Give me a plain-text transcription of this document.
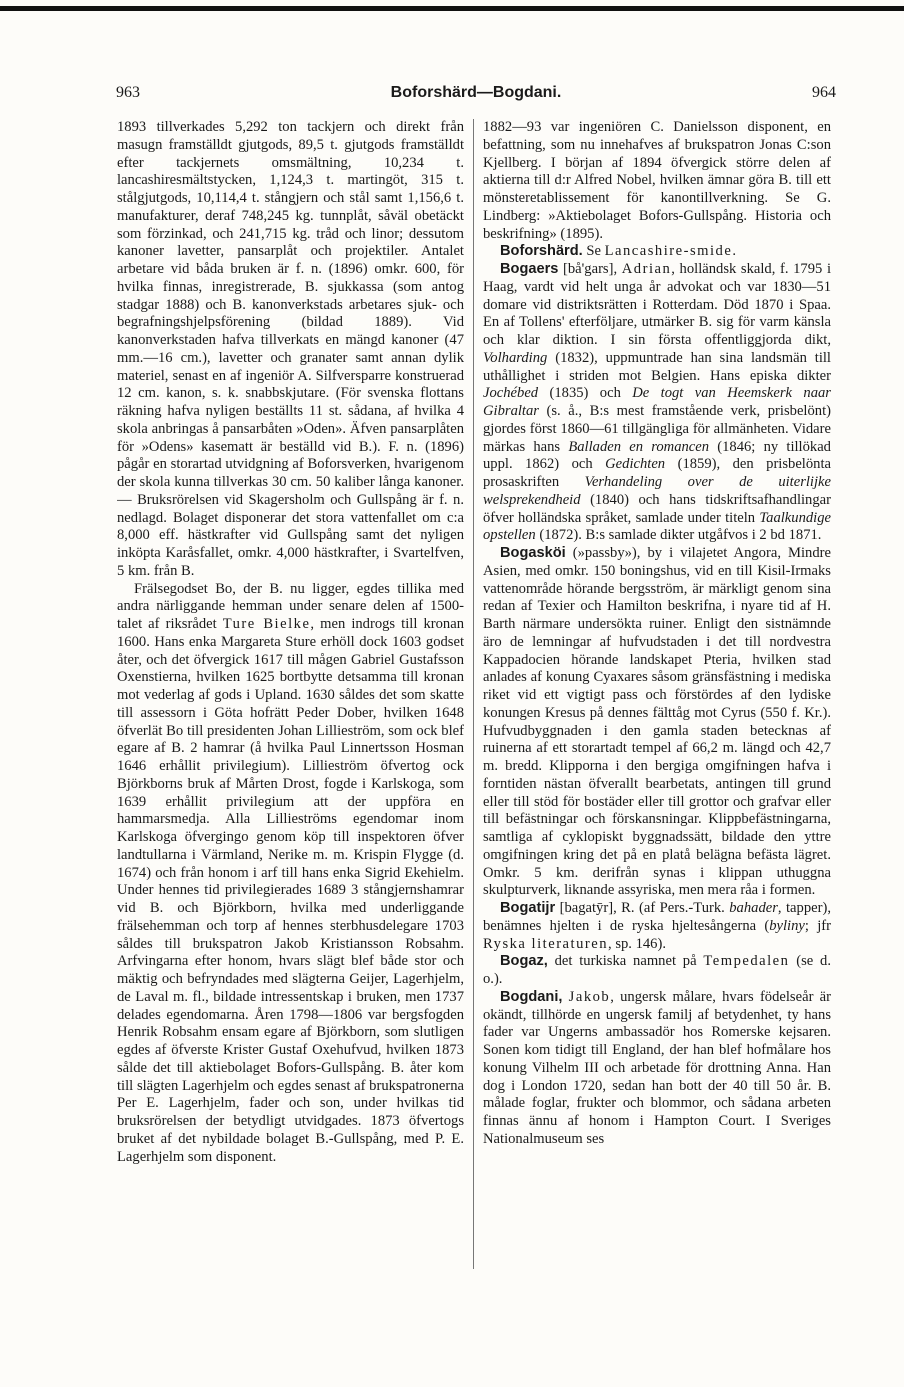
963	Boforshärd—Bogdani.	964

1893 tillverkades 5,292 ton tackjern och direkt från masugn framställdt gjutgods, 89,5 t. gjutgods framställdt efter tackjernets omsmältning, 10,234 t. lancashiresmältstycken, 1,124,3 t. martingöt, 315 t. stålgjutgods, 10,114,4 t. stångjern och stål samt 1,156,6 t. manufakturer, deraf 748,245 kg. tunnplåt, såväl obetäckt som förzinkad, och 241,715 kg. tråd och linor; dessutom kanoner lavetter, pansarplåt och projektiler. Antalet arbetare vid båda bruken är f. n. (1896) omkr. 600, för hvilka finnas, inregistrerade, B. sjukkassa (som antog stadgar 1888) och B. kanonverkstads arbetares sjuk- och begrafningshjelpsförening (bildad 1889). Vid kanonverkstaden hafva tillverkats en mängd kanoner (47 mm.—16 cm.), lavetter och granater samt annan dylik materiel, senast en af ingeniör A. Silfversparre konstruerad 12 cm. kanon, s. k. snabbskjutare. (För svenska flottans räkning hafva nyligen beställts 11 st. sådana, af hvilka 4 skola anbringas å pansarbåten »Oden». Äfven pansarplåten för »Odens» kasematt är beställd vid B.). F. n. (1896) pågår en storartad utvidgning af Boforsverken, hvarigenom der skola kunna tillverkas 30 cm. 50 kaliber långa kanoner. — Bruksrörelsen vid Skagersholm och Gullspång är f. n. nedlagd. Bolaget disponerar det stora vattenfallet om c:a 8,000 eff. hästkrafter vid Gullspång samt det nyligen inköpta Karåsfallet, omkr. 4,000 hästkrafter, i Svartelfven, 5 km. från B.

Frälsegodset Bo, der B. nu ligger, egdes tillika med andra närliggande hemman under senare delen af 1500-talet af riksrådet Ture Bielke, men indrogs till kronan 1600. Hans enka Margareta Sture erhöll dock 1603 godset åter, och det öfvergick 1617 till mågen Gabriel Gustafsson Oxenstierna, hvilken 1625 bortbytte detsamma till kronan mot vederlag af gods i Upland. 1630 såldes det som skatte till assessorn i Göta hofrätt Peder Dober, hvilken 1648 öfverlät Bo till presidenten Johan Lillieström, som ock blef egare af B. 2 hamrar (å hvilka Paul Linnertsson Hosman 1646 erhållit privilegium). Lillieström öfvertog ock Björkborns bruk af Mårten Drost, fogde i Karlskoga, som 1639 erhållit privilegium att der uppföra en hammarsmedja. Alla Lillieströms egendomar inom Karlskoga öfvergingo genom köp till inspektoren öfver landtullarna i Värmland, Nerike m. m. Krispin Flygge (d. 1674) och från honom i arf till hans enka Sigrid Ekehielm. Under hennes tid privilegierades 1689 3 stångjernshamrar vid B. och Björkborn, hvilka med underliggande frälsehemman och torp af hennes sterbhusdelegare 1703 såldes till brukspatron Jakob Kristiansson Robsahm. Arfvingarna efter honom, hvars slägt blef både stor och mäktig och befryndades med slägterna Geijer, Lagerhjelm, de Laval m. fl., bildade intressentskap i bruken, men 1737 delades egendomarna. Åren 1798—1806 var bergsfogden Henrik Robsahm ensam egare af Björkborn, som slutligen egdes af öfverste Krister Gustaf Oxehufvud, hvilken 1873 sålde det till aktiebolaget Bofors-Gullspång. B. åter kom till slägten Lagerhjelm och egdes senast af brukspatronerna Per E. Lagerhjelm, fader och son, under hvilkas tid bruksrörelsen der betydligt utvidgades. 1873 öfvertogs bruket af det nybildade bolaget B.-Gullspång, med P. E. Lagerhjelm som disponent.

1882—93 var ingeniören C. Danielsson disponent, en befattning, som nu innehafves af brukspatron Jonas C:son Kjellberg. I början af 1894 öfvergick större delen af aktierna till d:r Alfred Nobel, hvilken ämnar göra B. till ett mönsteretablissement för kanontillverkning. Se G. Lindberg: »Aktiebolaget Bofors-Gullspång. Historia och beskrifning» (1895).

Boforshärd. Se Lancashire-smide.

Bogaers [bå'gars], Adrian, holländsk skald, f. 1795 i Haag, vardt vid helt unga år advokat och var 1830—51 domare vid distriktsrätten i Rotterdam. Död 1870 i Spaa. En af Tollens' efterföljare, utmärker B. sig för varm känsla och klar diktion. I sin första offentliggjorda dikt, Volharding (1832), uppmuntrade han sina landsmän till uthållighet i striden mot Belgien. Hans episka dikter Jochébed (1835) och De togt van Heemskerk naar Gibraltar (s. å., B:s mest framstående verk, prisbelönt) gjordes först 1860—61 tillgängliga för allmänheten. Vidare märkas hans Balladen en romancen (1846; ny tillökad uppl. 1862) och Gedichten (1859), den prisbelönta prosaskriften Verhandeling over de uiterlijke welsprekendheid (1840) och hans tidskriftsafhandlingar öfver holländska språket, samlade under titeln Taalkundige opstellen (1872). B:s samlade dikter utgåfvos i 2 bd 1871.

Bogasköi (»passby»), by i vilajetet Angora, Mindre Asien, med omkr. 150 boningshus, vid en till Kisil-Irmaks vattenområde hörande bergsström, är märkligt genom sina redan af Texier och Hamilton beskrifna, i nyare tid af H. Barth närmare undersökta ruiner. Enligt den sistnämnde äro de lemningar af hufvudstaden i det till nordvestra Kappadocien hörande landskapet Pteria, hvilken stad anlades af konung Cyaxares såsom gränsfästning i mediska riket vid ett vigtigt pass och förstördes af den lydiske konungen Kresus på dennes fälttåg mot Cyrus (550 f. Kr.). Hufvudbyggnaden i den gamla staden betecknas af ruinerna af ett storartadt tempel af 66,2 m. längd och 42,7 m. bredd. Klipporna i den bergiga omgifningen hafva i forntiden nästan öfverallt bearbetats, antingen till grund eller till stöd för bostäder eller till grottor och grafvar eller till befästningar och förskansningar. Klippbefästningarna, samtliga af cyklopiskt byggnadssätt, bildade den yttre omgifningen kring det på en platå belägna befästa lägret. Omkr. 5 km. derifrån synas i klippan uthuggna skulpturverk, liknande assyriska, men mera råa i formen.

Bogatijr [bagatȳr], R. (af Pers.-Turk. bahader, tapper), benämnes hjelten i de ryska hjeltesångerna (byliny; jfr Ryska literaturen, sp. 146).

Bogaz, det turkiska namnet på Tempedalen (se d. o.).

Bogdani, Jakob, ungersk målare, hvars födelseår är okändt, tillhörde en ungersk familj af betydenhet, ty hans fader var Ungerns ambassadör hos Romerske kejsaren. Sonen kom tidigt till England, der han blef hofmålare hos konung Vilhelm III och arbetade för drottning Anna. Han dog i London 1720, sedan han bott der 40 till 50 år. B. målade foglar, frukter och blommor, och sådana arbeten finnas ännu af honom i Hampton Court. I Sveriges Nationalmuseum ses
